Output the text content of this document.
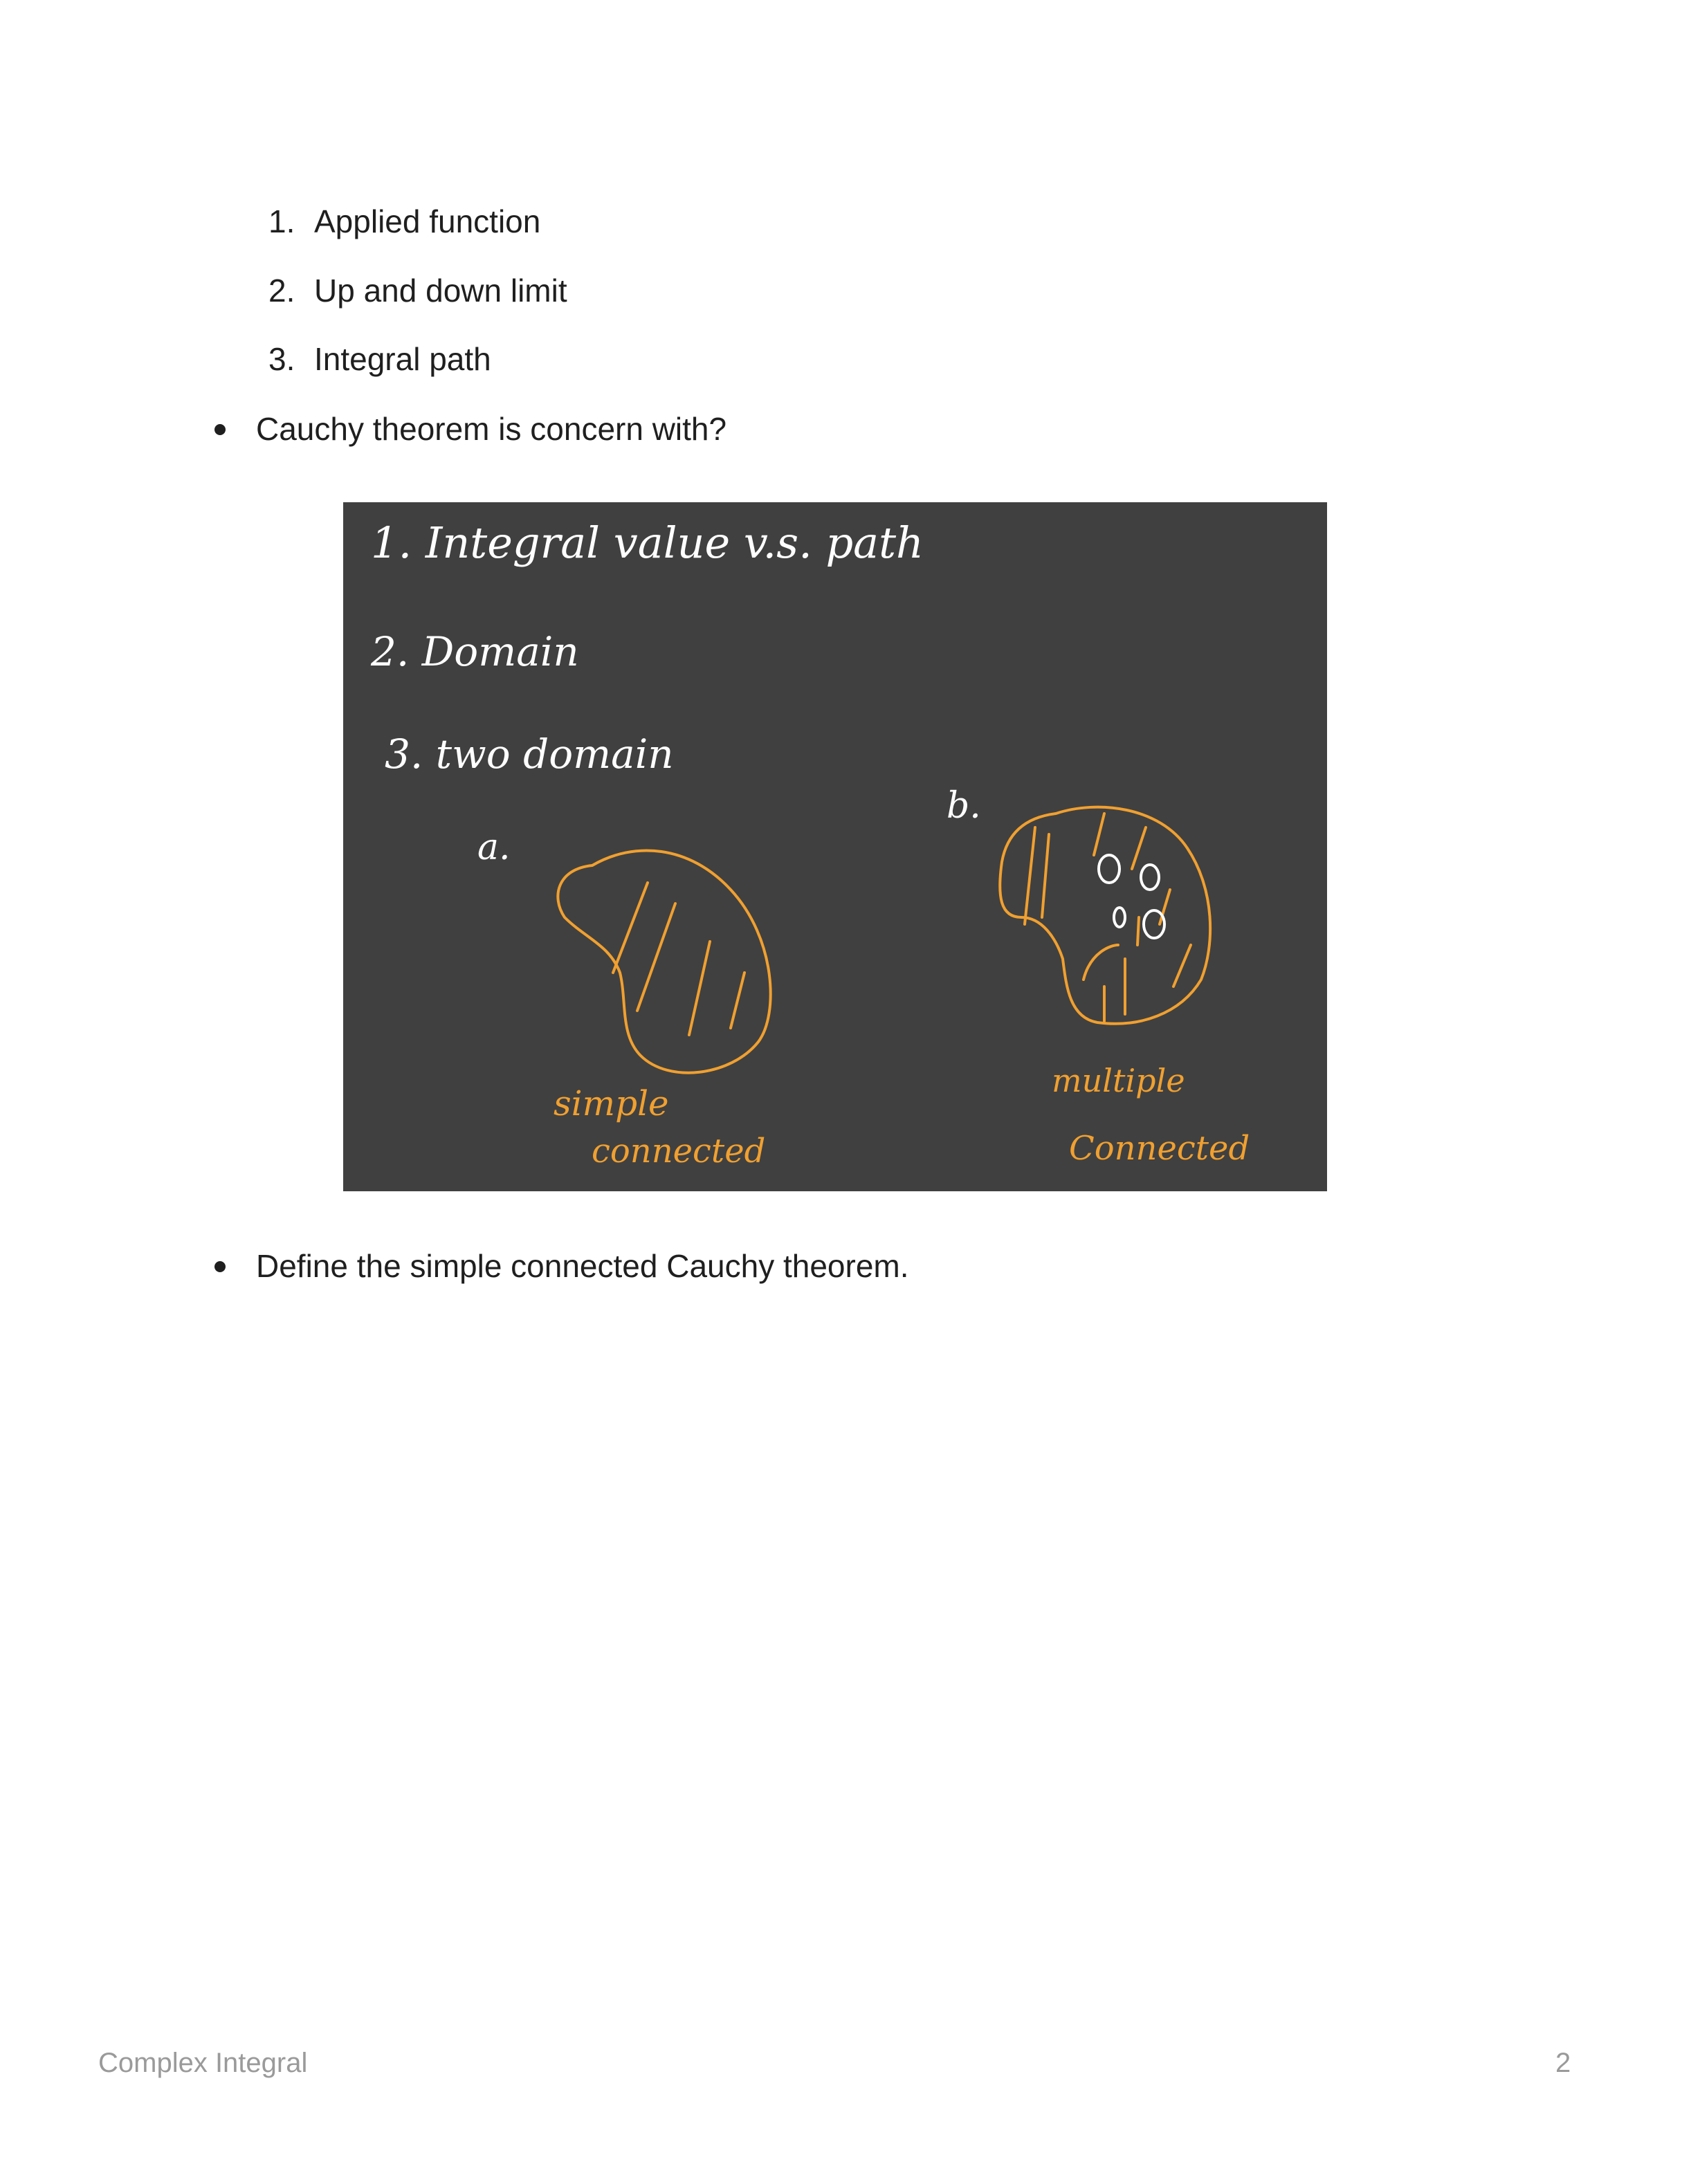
1. Applied function
2. Up and down limit
3. Integral path
Cauchy theorem is concern with?
1. Integral value v.s. path
2. Domain
3. two domain
b.
a.
simple
connected
multiple
Connected
Define the simple connected Cauchy theorem.
Complex Integral	2
